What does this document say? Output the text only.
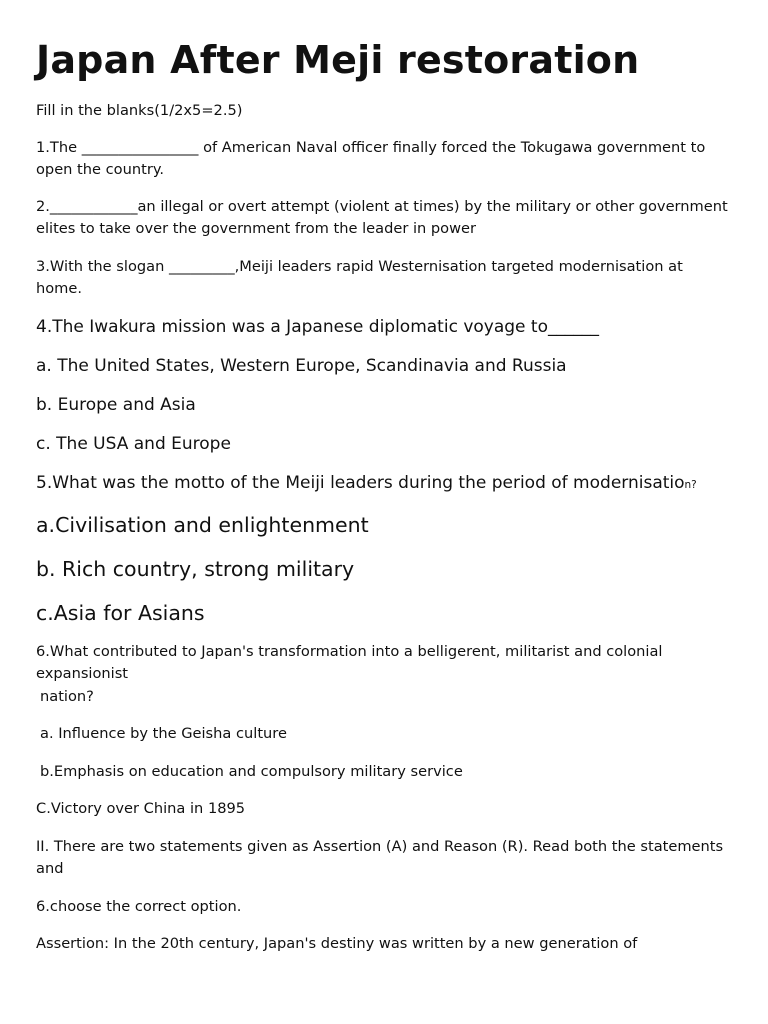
Japan After Meji restoration

Fill in the blanks(1/2x5=2.5)

1.The ________________ of American Naval officer finally forced the Tokugawa government to open the country.

2.____________an illegal or overt attempt (violent at times) by the military or other government elites to take over the government from the leader in power

3.With the slogan _________,Meiji leaders rapid Westernisation targeted modernisation at home.

4.The Iwakura mission was a Japanese diplomatic voyage to______

a. The United States, Western Europe, Scandinavia and Russia

b. Europe and Asia

c. The USA and Europe

5.What was the motto of the Meiji leaders during the period of modernisation?

a.Civilisation and enlightenment

b. Rich country, strong military

c.Asia for Asians

6.What contributed to Japan's transformation into a belligerent, militarist and colonial expansionist

nation?

a. Influence by the Geisha culture

b.Emphasis on education and compulsory military service

C.Victory over China in 1895

II. There are two statements given as Assertion (A) and Reason (R). Read both the statements and

6.choose the correct option.

Assertion: In the 20th century, Japan's destiny was written by a new generation of
